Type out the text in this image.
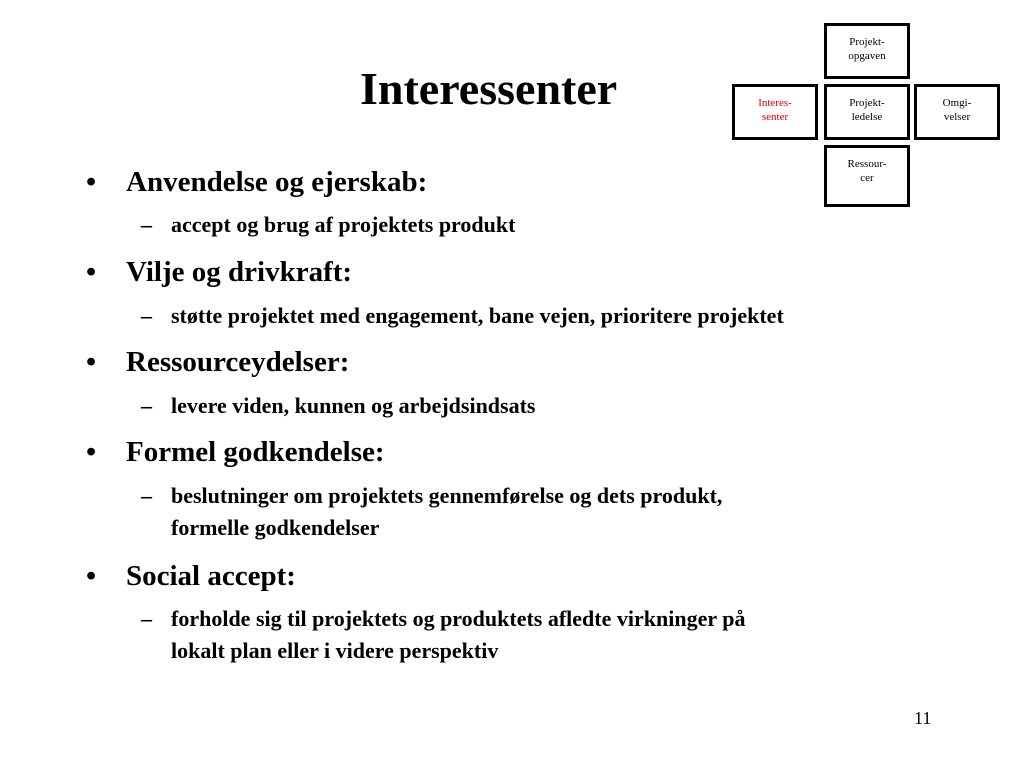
Interessenter
Projekt-
opgaven
Interes-
senter
Projekt-
ledelse
Omgi-
velser
Ressour-
cer
• Anvendelse og ejerskab:
– accept og brug af projektets produkt
• Vilje og drivkraft:
– støtte projektet med engagement, bane vejen, prioritere projektet
• Ressourceydelser:
– levere viden, kunnen og arbejdsindsats
• Formel godkendelse:
– beslutninger om projektets gennemførelse og dets produkt,
formelle godkendelser
• Social accept:
– forholde sig til projektets og produktets afledte virkninger på
lokalt plan eller i videre perspektiv
11
